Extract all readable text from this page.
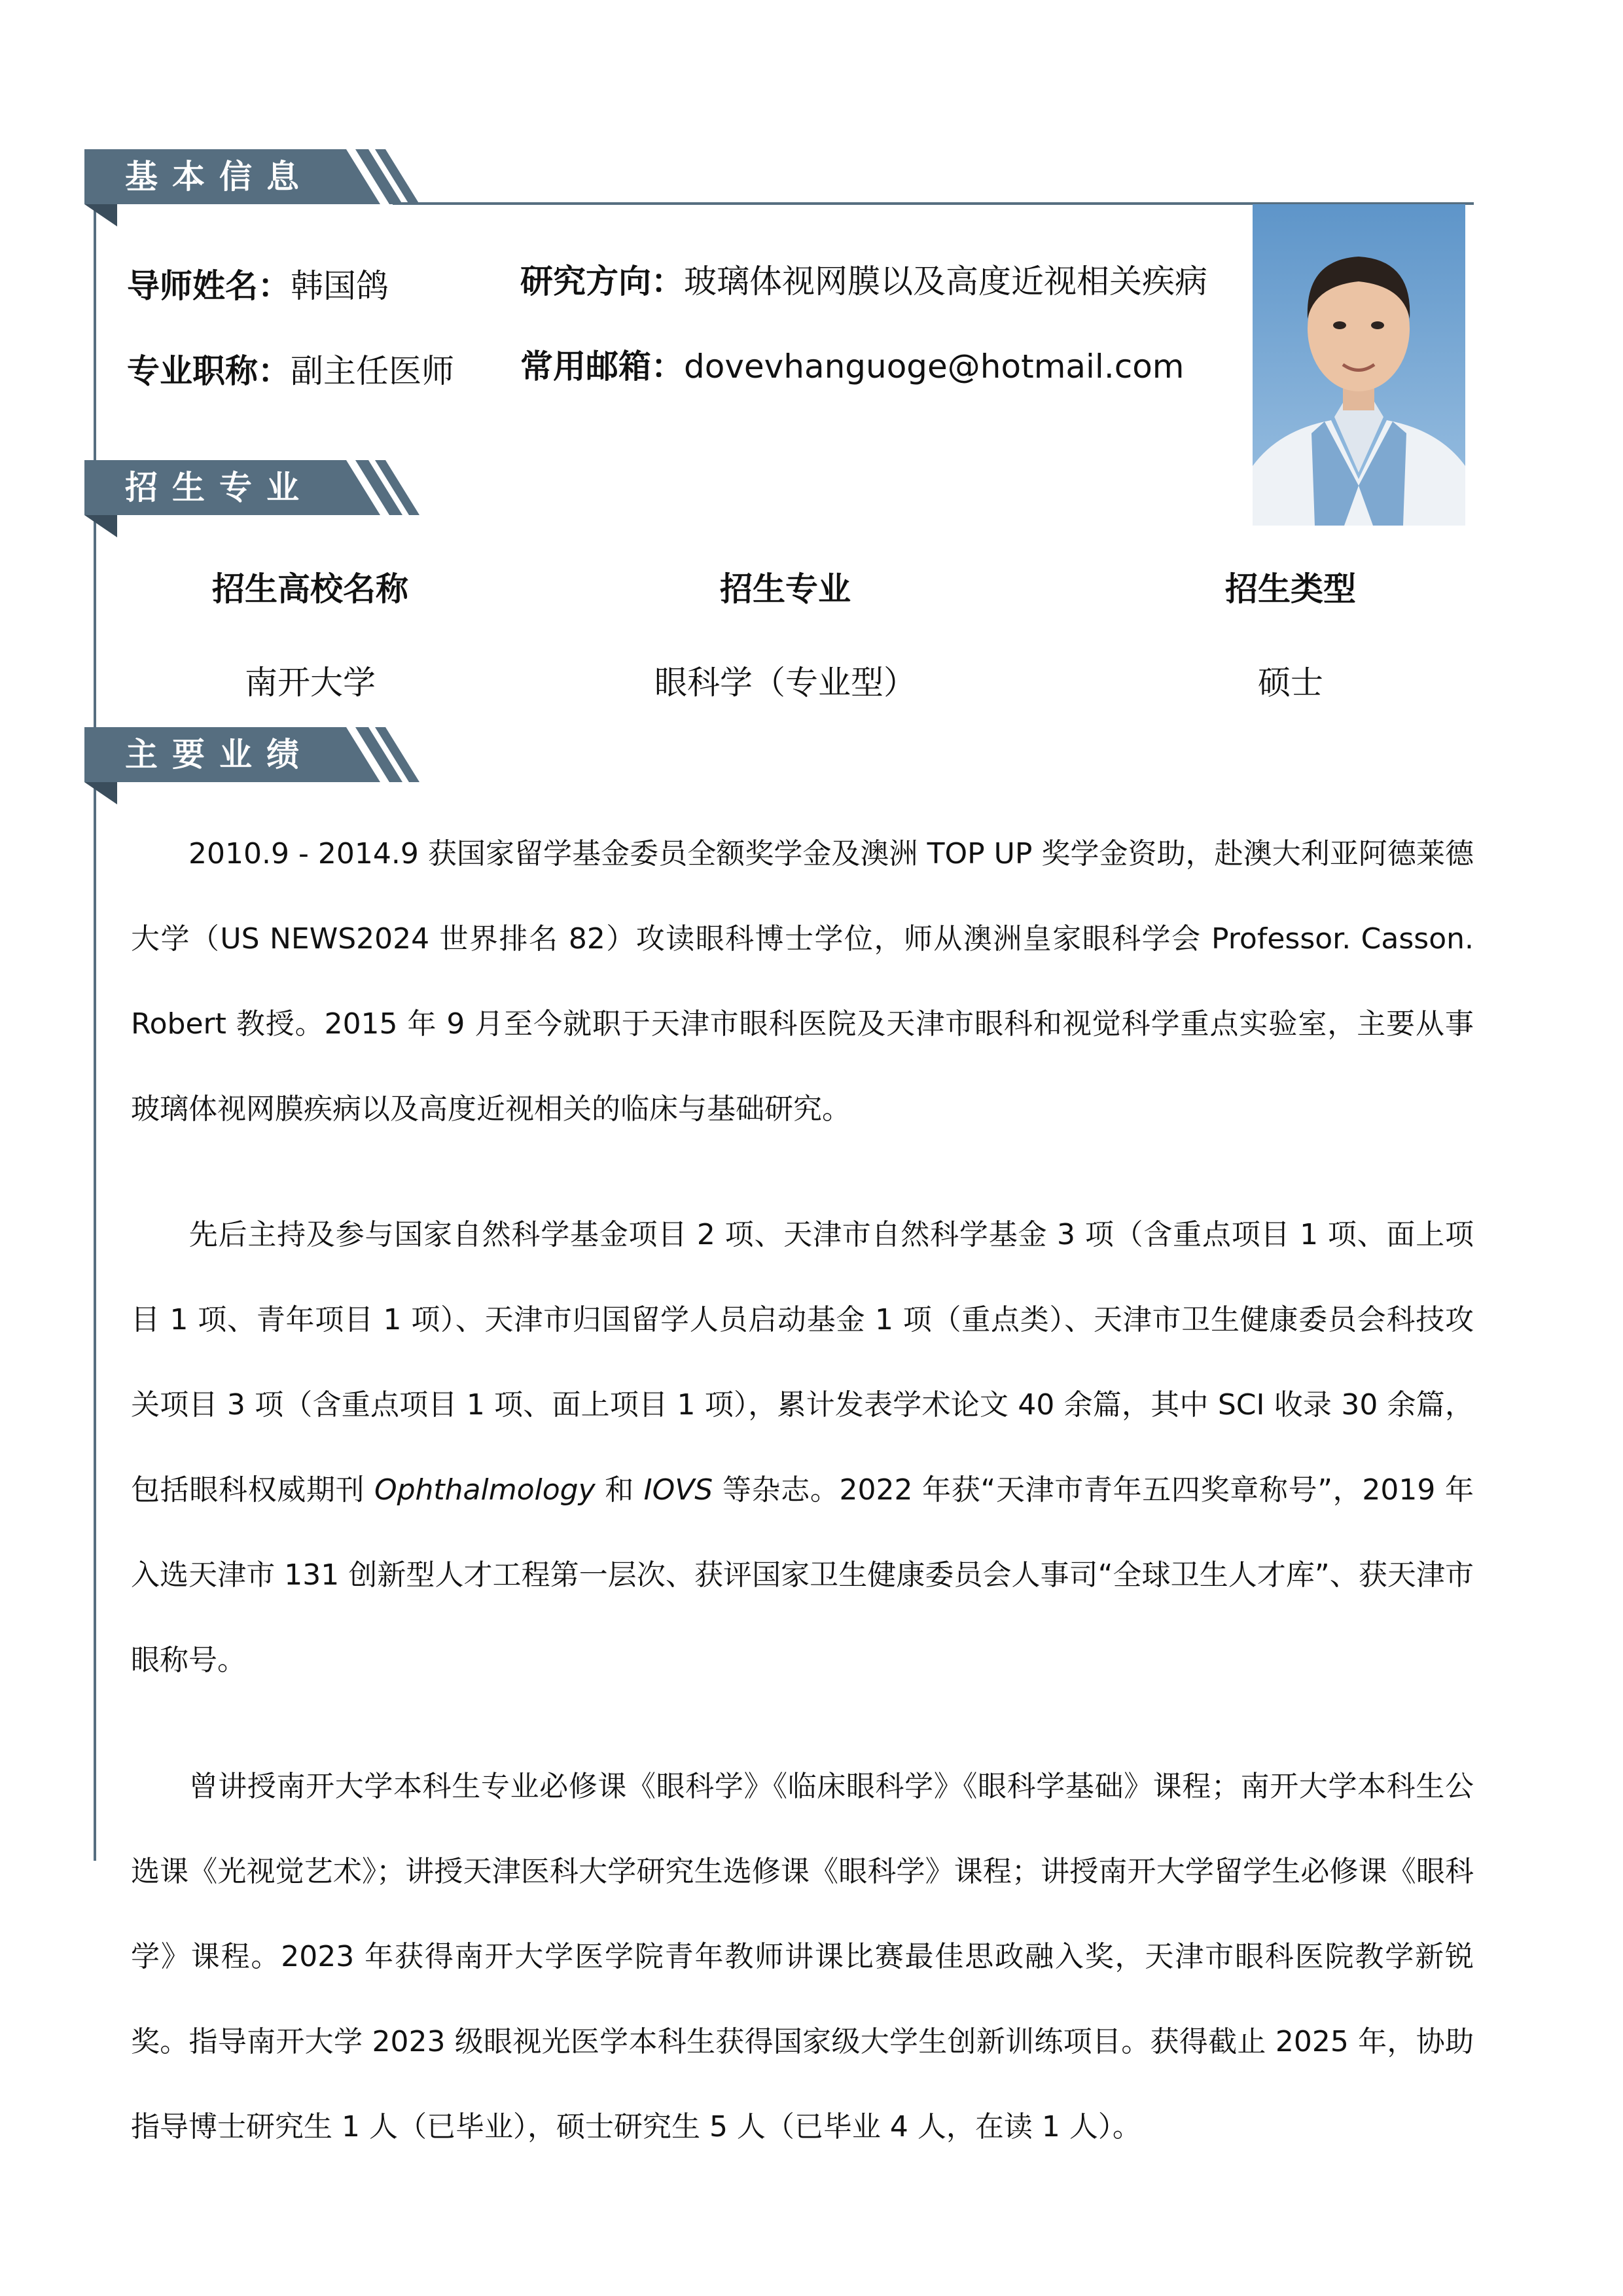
基本信息
导师姓名：韩国鸽
专业职称：副主任医师
研究方向：玻璃体视网膜以及高度近视相关疾病
常用邮箱：dovevhanguoge@hotmail.com
招生专业
招生高校名称	招生专业	招生类型
南开大学	眼科学（专业型）	硕士
主要业绩
2010.9 - 2014.9 获国家留学基金委员全额奖学金及澳洲 TOP UP 奖学金资助，赴澳大利亚阿德莱德大学（US NEWS2024 世界排名 82）攻读眼科博士学位，师从澳洲皇家眼科学会 Professor. Casson. Robert 教授。2015 年 9 月至今就职于天津市眼科医院及天津市眼科和视觉科学重点实验室，主要从事玻璃体视网膜疾病以及高度近视相关的临床与基础研究。
先后主持及参与国家自然科学基金项目 2 项、天津市自然科学基金 3 项（含重点项目 1 项、面上项目 1 项、青年项目 1 项）、天津市归国留学人员启动基金 1 项（重点类）、天津市卫生健康委员会科技攻关项目 3 项（含重点项目 1 项、面上项目 1 项），累计发表学术论文 40 余篇，其中 SCI 收录 30 余篇，包括眼科权威期刊 Ophthalmology 和 IOVS 等杂志。2022 年获“天津市青年五四奖章称号”，2019 年入选天津市 131 创新型人才工程第一层次、获评国家卫生健康委员会人事司“全球卫生人才库”、获天津市眼称号。
曾讲授南开大学本科生专业必修课《眼科学》《临床眼科学》《眼科学基础》课程；南开大学本科生公选课《光视觉艺术》；讲授天津医科大学研究生选修课《眼科学》课程；讲授南开大学留学生必修课《眼科学》课程。2023 年获得南开大学医学院青年教师讲课比赛最佳思政融入奖，天津市眼科医院教学新锐奖。指导南开大学 2023 级眼视光医学本科生获得国家级大学生创新训练项目。获得截止 2025 年，协助指导博士研究生 1 人（已毕业），硕士研究生 5 人（已毕业 4 人，在读 1 人）。
